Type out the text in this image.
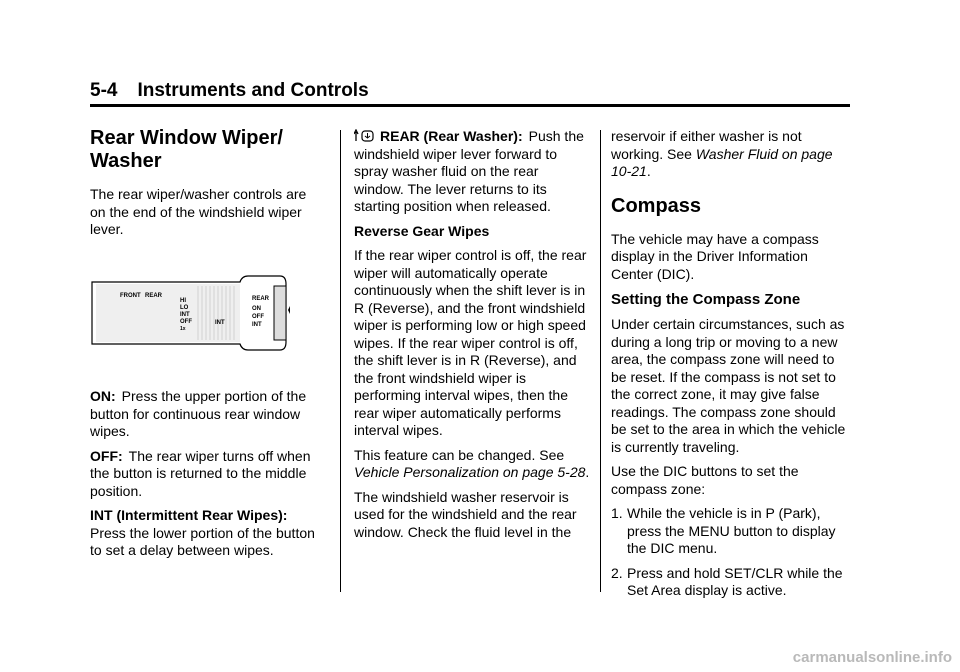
5-4 Instruments and Controls
Rear Window Wiper/ Washer

The rear wiper/washer controls are on the end of the windshield wiper lever.

FRONT REAR
HI
LO
INT
OFF
1x
INT
REAR
ON
OFF
INT

ON: Press the upper portion of the button for continuous rear window wipes.

OFF: The rear wiper turns off when the button is returned to the middle position.

INT (Intermittent Rear Wipes):
Press the lower portion of the button to set a delay between wipes.

REAR (Rear Washer): Push the windshield wiper lever forward to spray washer fluid on the rear window. The lever returns to its starting position when released.

Reverse Gear Wipes

If the rear wiper control is off, the rear wiper will automatically operate continuously when the shift lever is in R (Reverse), and the front windshield wiper is performing low or high speed wipes. If the rear wiper control is off, the shift lever is in R (Reverse), and the front windshield wiper is performing interval wipes, then the rear wiper automatically performs interval wipes.

This feature can be changed. See Vehicle Personalization on page 5-28.

The windshield washer reservoir is used for the windshield and the rear window. Check the fluid level in the

reservoir if either washer is not working. See Washer Fluid on page 10-21.

Compass

The vehicle may have a compass display in the Driver Information Center (DIC).

Setting the Compass Zone

Under certain circumstances, such as during a long trip or moving to a new area, the compass zone will need to be reset. If the compass is not set to the correct zone, it may give false readings. The compass zone should be set to the area in which the vehicle is currently traveling.

Use the DIC buttons to set the compass zone:

1. While the vehicle is in P (Park), press the MENU button to display the DIC menu.
2. Press and hold SET/CLR while the Set Area display is active.
carmanualsonline.info
